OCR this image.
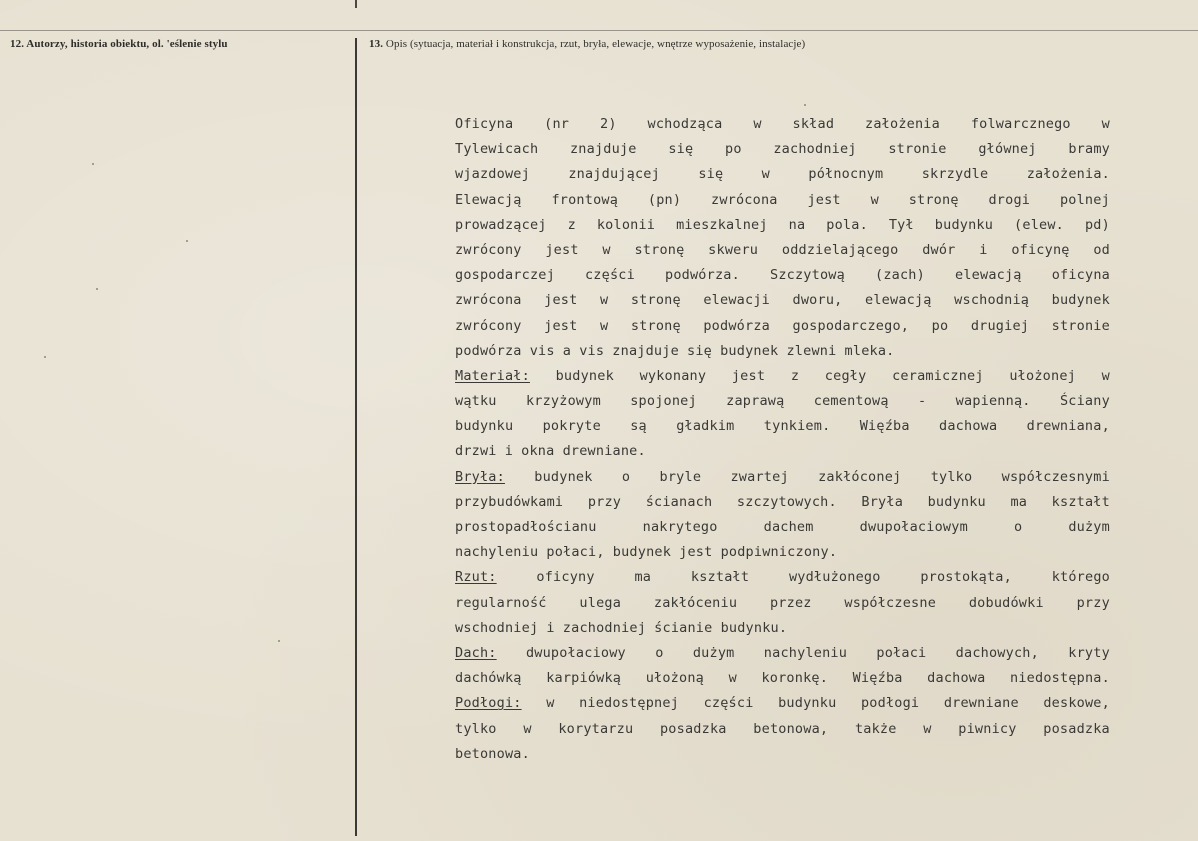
12. Autorzy, historia obiektu, ol. 'eślenie stylu	13. Opis (sytuacja, materiał i konstrukcja, rzut, bryła, elewacje, wnętrze wyposażenie, instalacje)
Oficyna (nr 2) wchodząca w skład założenia folwarcznego w
Tylewicach znajduje się po zachodniej stronie głównej bramy
wjazdowej	znajdującej	się	w	północnym	skrzydle	założenia.
Elewacją frontową (pn) zwrócona jest w stronę drogi polnej
prowadzącej z kolonii mieszkalnej na pola. Tył budynku (elew. pd)
zwrócony jest w stronę skweru oddzielającego dwór i oficynę od
gospodarczej części podwórza. Szczytową (zach) elewacją oficyna
zwrócona jest w stronę elewacji dworu, elewacją wschodnią budynek
zwrócony jest w stronę podwórza gospodarczego, po drugiej stronie
podwórza vis a vis znajduje się budynek zlewni mleka.
Materiał: budynek wykonany jest z cegły ceramicznej ułożonej w
wątku krzyżowym spojonej zaprawą cementową - wapienną. Ściany
budynku pokryte są gładkim tynkiem. Więźba dachowa drewniana,
drzwi i okna drewniane.
Bryła: budynek o bryle zwartej zakłóconej tylko współczesnymi
przybudówkami przy ścianach szczytowych. Bryła budynku ma kształt
prostopadłościanu	nakrytego	dachem	dwupołaciowym	o	dużym
nachyleniu połaci, budynek jest podpiwniczony.
Rzut:	oficyny	ma	kształt	wydłużonego	prostokąta,	którego
regularność ulega zakłóceniu przez współczesne dobudówki przy
wschodniej i zachodniej ścianie budynku.
Dach: dwupołaciowy o dużym nachyleniu połaci dachowych, kryty
dachówką karpiówką ułożoną w koronkę. Więźba dachowa niedostępna.
Podłogi: w niedostępnej części budynku podłogi drewniane deskowe,
tylko w korytarzu posadzka betonowa, także w piwnicy posadzka
betonowa.
